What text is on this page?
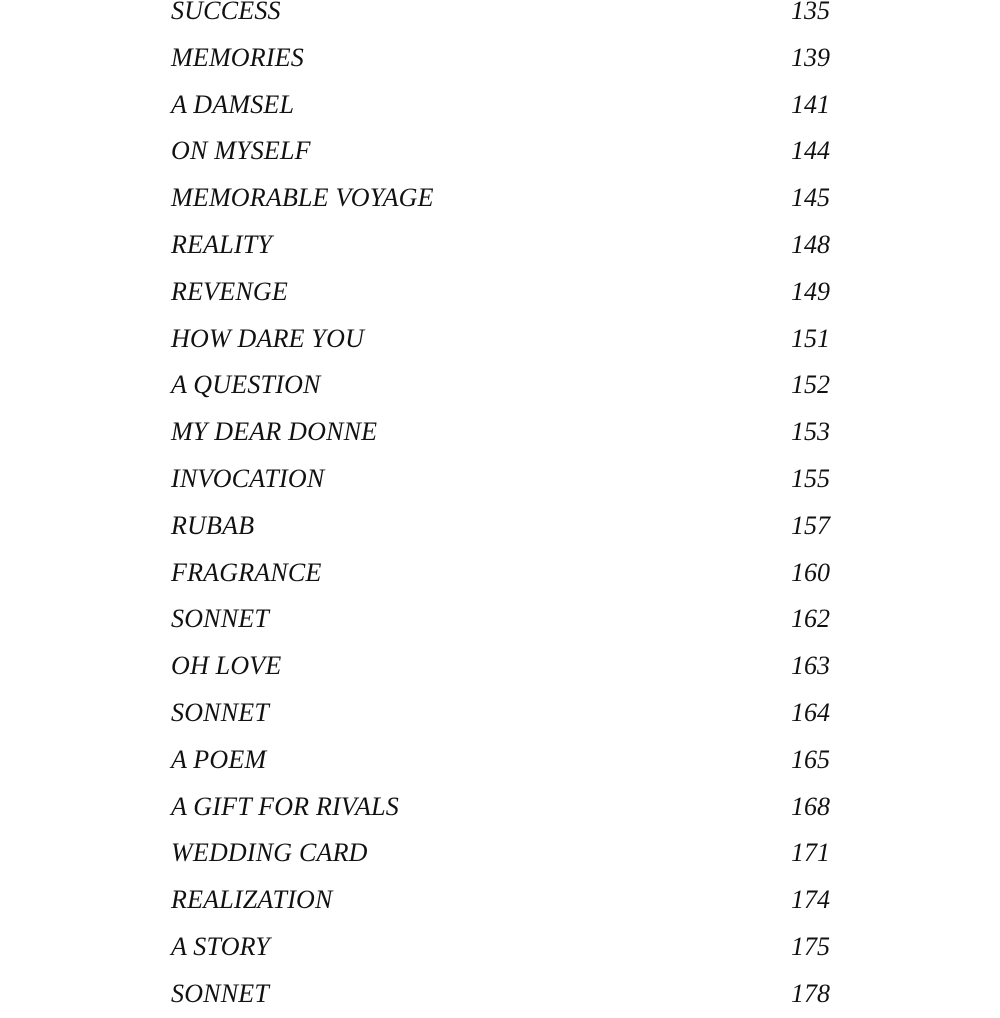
SUCCESS	135
MEMORIES	139
A DAMSEL	141
ON MYSELF	144
MEMORABLE VOYAGE	145
REALITY	148
REVENGE	149
HOW DARE YOU	151
A QUESTION	152
MY DEAR DONNE	153
INVOCATION	155
RUBAB	157
FRAGRANCE	160
SONNET	162
OH LOVE	163
SONNET	164
A POEM	165
A GIFT FOR RIVALS	168
WEDDING CARD	171
REALIZATION	174
A STORY	175
SONNET	178
